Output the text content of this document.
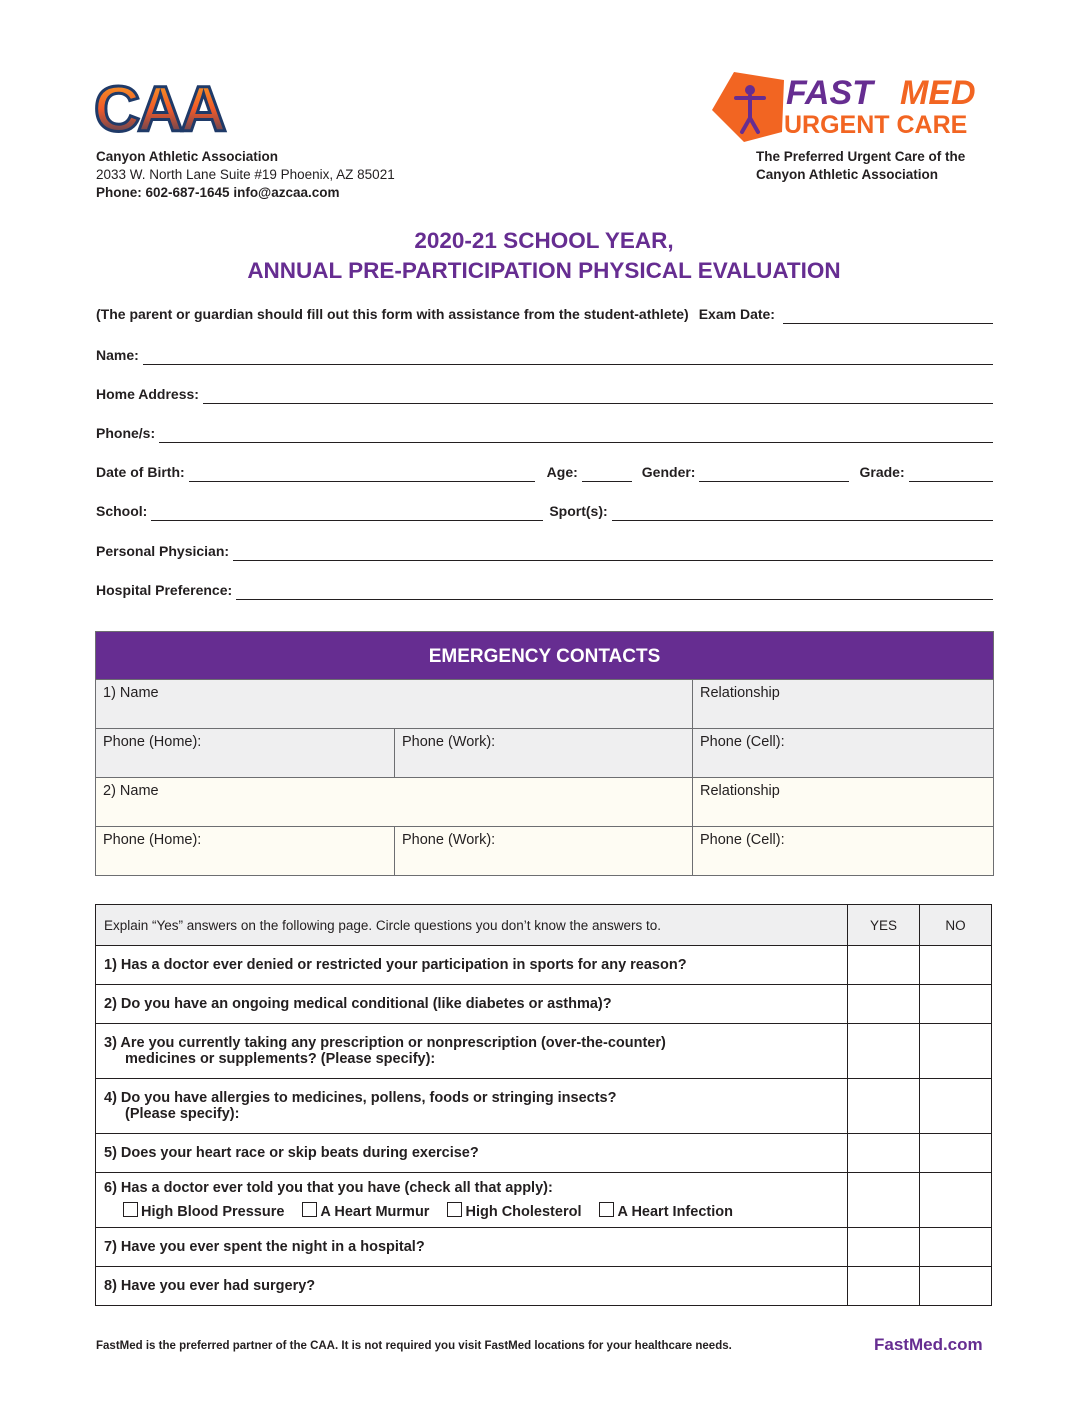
CAA
Canyon Athletic Association
2033 W. North Lane Suite #19 Phoenix, AZ 85021
Phone: 602-687-1645 info@azcaa.com
FAST MED
URGENT CARE
The Preferred Urgent Care of the
Canyon Athletic Association
2020-21 SCHOOL YEAR,
ANNUAL PRE-PARTICIPATION PHYSICAL EVALUATION
(The parent or guardian should fill out this form with assistance from the student-athlete) Exam Date:
Name:
Home Address:
Phone/s:
Date of Birth:	Age:	Gender:	Grade:
School:	Sport(s):
Personal Physician:
Hospital Preference:
EMERGENCY CONTACTS
1) Name	Relationship
Phone (Home):	Phone (Work):	Phone (Cell):
2) Name	Relationship
Phone (Home):	Phone (Work):	Phone (Cell):
Explain “Yes” answers on the following page. Circle questions you don’t know the answers to.	YES	NO
1) Has a doctor ever denied or restricted your participation in sports for any reason?		
2) Do you have an ongoing medical conditional (like diabetes or asthma)?		

3) Are you currently taking any prescription or nonprescription (over-the-counter)
medicines or supplements? (Please specify):		

4) Do you have allergies to medicines, pollens, foods or stringing insects?
(Please specify):		

5) Does your heart race or skip beats during exercise?		

6) Has a doctor ever told you that you have (check all that apply):
High Blood Pressure A Heart Murmur High Cholesterol A Heart Infection		

7) Have you ever spent the night in a hospital?		
8) Have you ever had surgery?		
FastMed is the preferred partner of the CAA. It is not required you visit FastMed locations for your healthcare needs.	FastMed.com
